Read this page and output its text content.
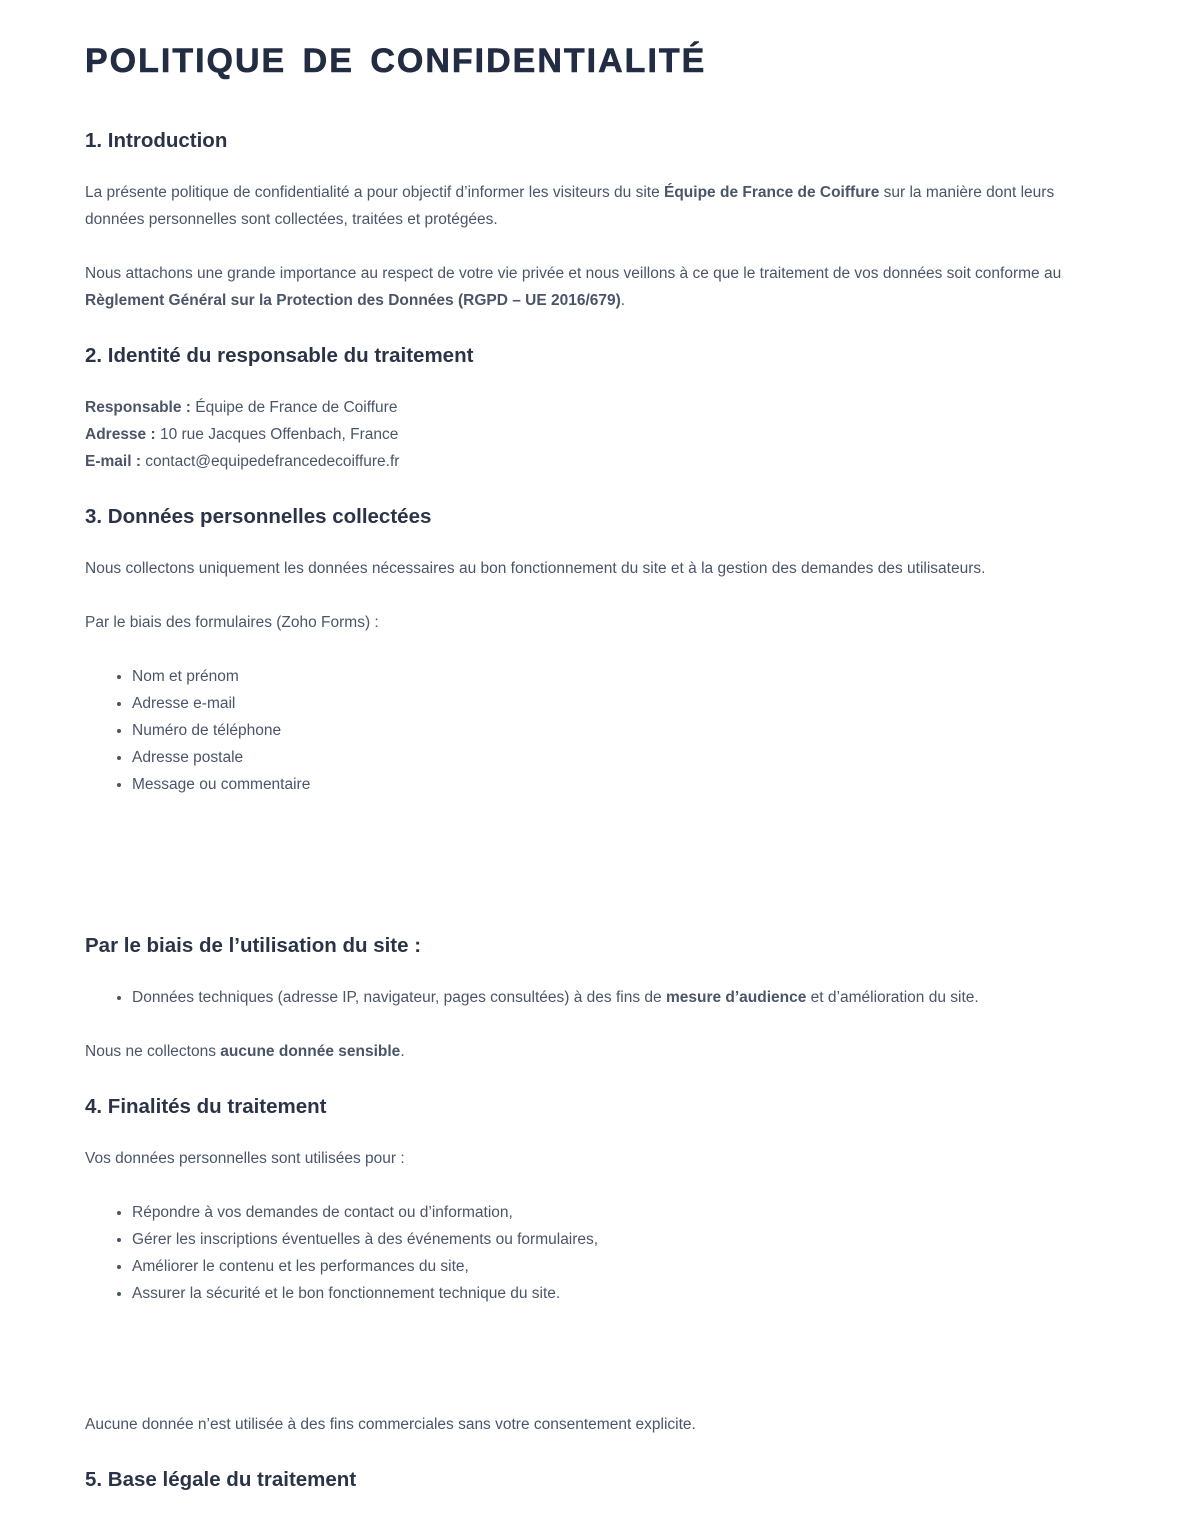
POLITIQUE DE CONFIDENTIALITÉ
1. Introduction

La présente politique de confidentialité a pour objectif d’informer les visiteurs du site Équipe de France de Coiffure sur la manière dont leurs données personnelles sont collectées, traitées et protégées.

Nous attachons une grande importance au respect de votre vie privée et nous veillons à ce que le traitement de vos données soit conforme au Règlement Général sur la Protection des Données (RGPD – UE 2016/679).

2. Identité du responsable du traitement

Responsable : Équipe de France de Coiffure
Adresse : 10 rue Jacques Offenbach, France
E-mail : contact@equipedefrancedecoiffure.fr

3. Données personnelles collectées

Nous collectons uniquement les données nécessaires au bon fonctionnement du site et à la gestion des demandes des utilisateurs.

Par le biais des formulaires (Zoho Forms) :

• Nom et prénom
• Adresse e-mail
• Numéro de téléphone
• Adresse postale
• Message ou commentaire
Par le biais de l’utilisation du site :
• Données techniques (adresse IP, navigateur, pages consultées) à des fins de mesure d’audience et d’amélioration du site.

Nous ne collectons aucune donnée sensible.

4. Finalités du traitement

Vos données personnelles sont utilisées pour :

• Répondre à vos demandes de contact ou d’information,
• Gérer les inscriptions éventuelles à des événements ou formulaires,
• Améliorer le contenu et les performances du site,
• Assurer la sécurité et le bon fonctionnement technique du site.

Aucune donnée n’est utilisée à des fins commerciales sans votre consentement explicite.

5. Base légale du traitement
